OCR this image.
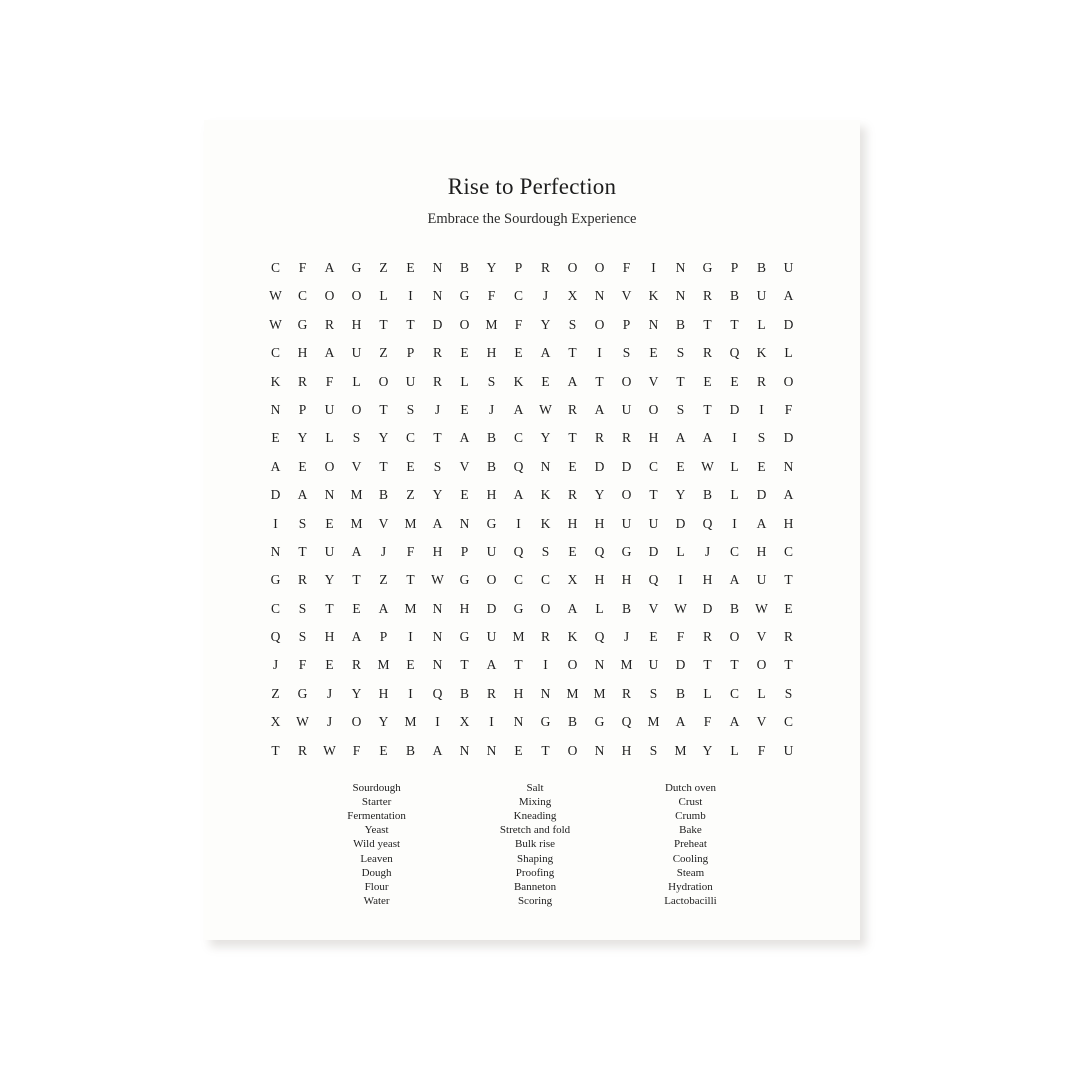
Rise to Perfection
Embrace the Sourdough Experience
C	F	A	G	Z	E	N	B	Y	P	R	O	O	F	I	N	G	P	B	U
W	C	O	O	L	I	N	G	F	C	J	X	N	V	K	N	R	B	U	A
W	G	R	H	T	T	D	O	M	F	Y	S	O	P	N	B	T	T	L	D
C	H	A	U	Z	P	R	E	H	E	A	T	I	S	E	S	R	Q	K	L
K	R	F	L	O	U	R	L	S	K	E	A	T	O	V	T	E	E	R	O
N	P	U	O	T	S	J	E	J	A	W	R	A	U	O	S	T	D	I	F
E	Y	L	S	Y	C	T	A	B	C	Y	T	R	R	H	A	A	I	S	D
A	E	O	V	T	E	S	V	B	Q	N	E	D	D	C	E	W	L	E	N
D	A	N	M	B	Z	Y	E	H	A	K	R	Y	O	T	Y	B	L	D	A
I	S	E	M	V	M	A	N	G	I	K	H	H	U	U	D	Q	I	A	H
N	T	U	A	J	F	H	P	U	Q	S	E	Q	G	D	L	J	C	H	C
G	R	Y	T	Z	T	W	G	O	C	C	X	H	H	Q	I	H	A	U	T
C	S	T	E	A	M	N	H	D	G	O	A	L	B	V	W	D	B	W	E
Q	S	H	A	P	I	N	G	U	M	R	K	Q	J	E	F	R	O	V	R
J	F	E	R	M	E	N	T	A	T	I	O	N	M	U	D	T	T	O	T
Z	G	J	Y	H	I	Q	B	R	H	N	M	M	R	S	B	L	C	L	S
X	W	J	O	Y	M	I	X	I	N	G	B	G	Q	M	A	F	A	V	C
T	R	W	F	E	B	A	N	N	E	T	O	N	H	S	M	Y	L	F	U
Sourdough
Starter
Fermentation
Yeast
Wild yeast
Leaven
Dough
Flour
Water
Salt
Mixing
Kneading
Stretch and fold
Bulk rise
Shaping
Proofing
Banneton
Scoring
Dutch oven
Crust
Crumb
Bake
Preheat
Cooling
Steam
Hydration
Lactobacilli
